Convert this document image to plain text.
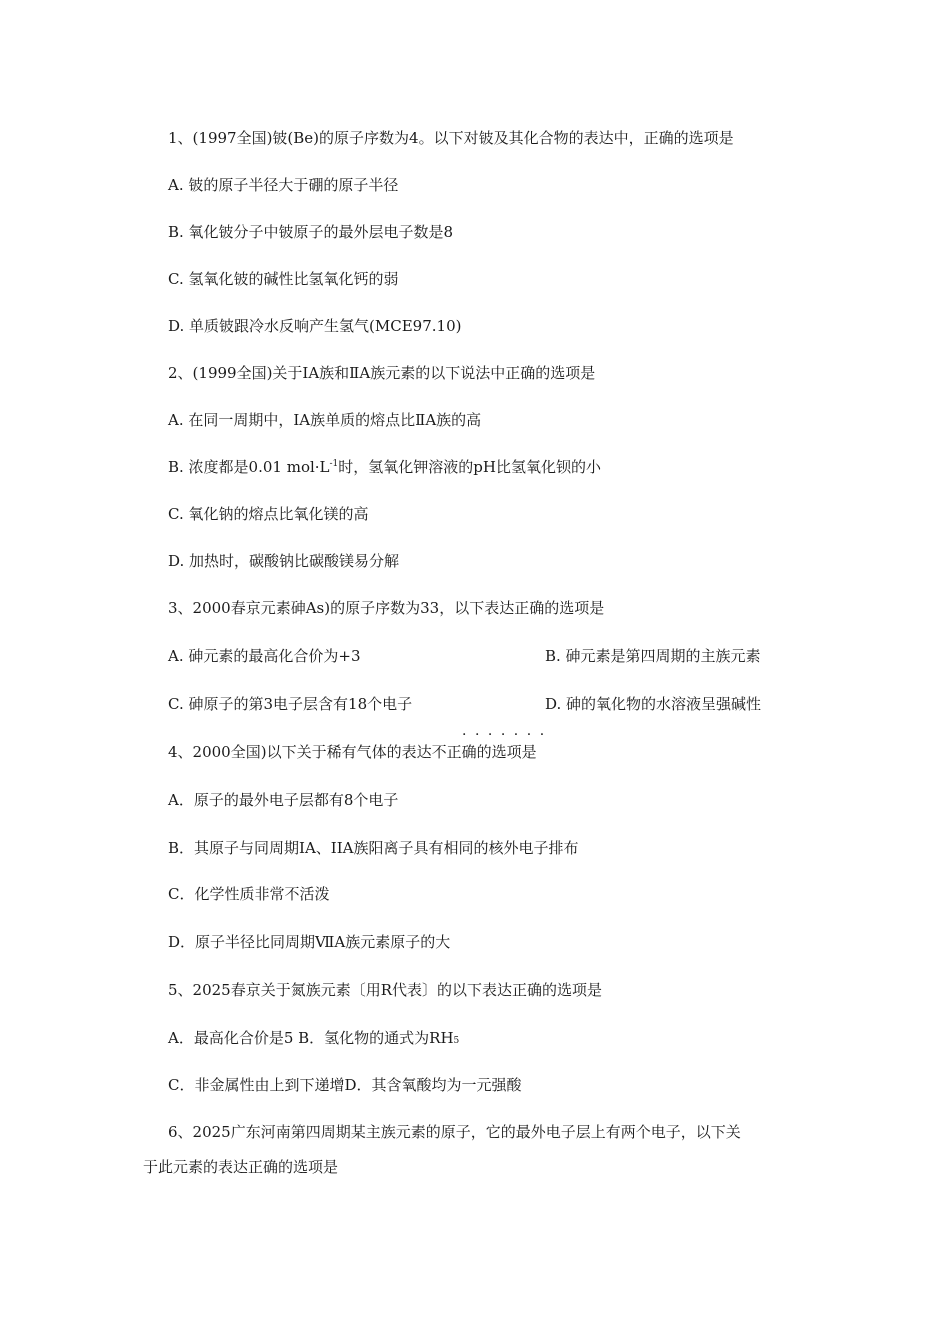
1、(1997全国)铍(Be)的原子序数为4。以下对铍及其化合物的表达中，正确的选项是
A. 铍的原子半径大于硼的原子半径
B. 氧化铍分子中铍原子的最外层电子数是8
C. 氢氧化铍的碱性比氢氧化钙的弱
D. 单质铍跟冷水反响产生氢气(MCE97.10)
2、(1999全国)关于ⅠA族和ⅡA族元素的以下说法中正确的选项是
A. 在同一周期中，ⅠA族单质的熔点比ⅡA族的高
B. 浓度都是0.01 $mol\cdot L^{-1}$时，氢氧化钾溶液的pH比氢氧化钡的小
C. 氧化钠的熔点比氧化镁的高
D. 加热时，碳酸钠比碳酸镁易分解
3、2000春京元素砷As)的原子序数为33，以下表达正确的选项是
A. 砷元素的最高化合价为+3	B. 砷元素是第四周期的主族元素
C. 砷原子的第3电子层含有18个电子	D. 砷的氧化物的水溶液呈强碱性
·······
4、2000全国)以下关于稀有气体的表达不正确的选项是
A．原子的最外电子层都有8个电子
B．其原子与同周期IA、IIA族阳离子具有相同的核外电子排布
C．化学性质非常不活泼
D．原子半径比同周期ⅦA族元素原子的大
5、2025春京关于氮族元素〔用R代表〕的以下表达正确的选项是
A．最高化合价是5 B．氢化物的通式为$RH_5$
C．非金属性由上到下递增D．其含氧酸均为一元强酸
6、2025广东河南第四周期某主族元素的原子，它的最外电子层上有两个电子，以下关
于此元素的表达正确的选项是
